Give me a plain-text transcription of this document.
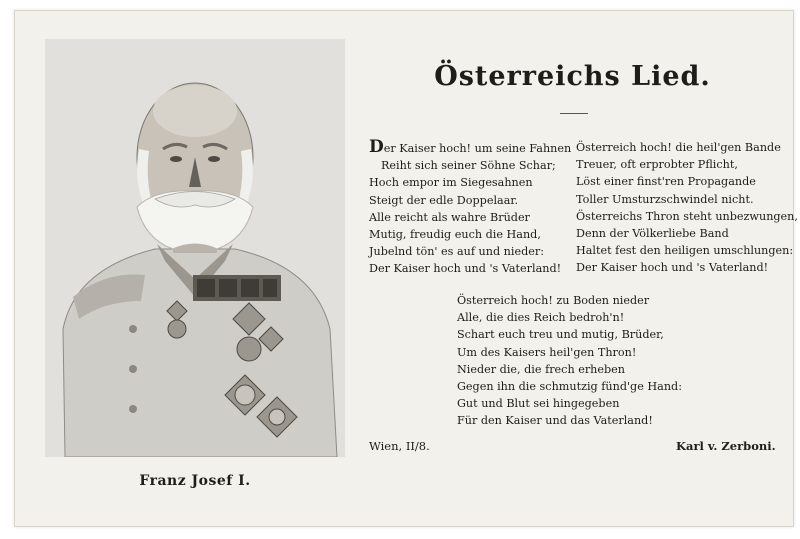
Franz Josef I.
Österreichs Lied.
Der Kaiser hoch! um seine Fahnen
Reiht sich seiner Söhne Schar;
Hoch empor im Siegesahnen
Steigt der edle Doppelaar.
Alle reicht als wahre Brüder
Mutig, freudig euch die Hand,
Jubelnd tön' es auf und nieder:
Der Kaiser hoch und 's Vaterland!
Österreich hoch! die heil'gen Bande
Treuer, oft erprobter Pflicht,
Löst einer finst'ren Propagande
Toller Umsturzschwindel nicht.
Österreichs Thron steht unbezwungen,
Denn der Völkerliebe Band
Haltet fest den heiligen umschlungen:
Der Kaiser hoch und 's Vaterland!
Österreich hoch! zu Boden nieder
Alle, die dies Reich bedroh'n!
Schart euch treu und mutig, Brüder,
Um des Kaisers heil'gen Thron!
Nieder die, die frech erheben
Gegen ihn die schmutzig fünd'ge Hand:
Gut und Blut sei hingegeben
Für den Kaiser und das Vaterland!
Wien, II/8.	Karl v. Zerboni.
